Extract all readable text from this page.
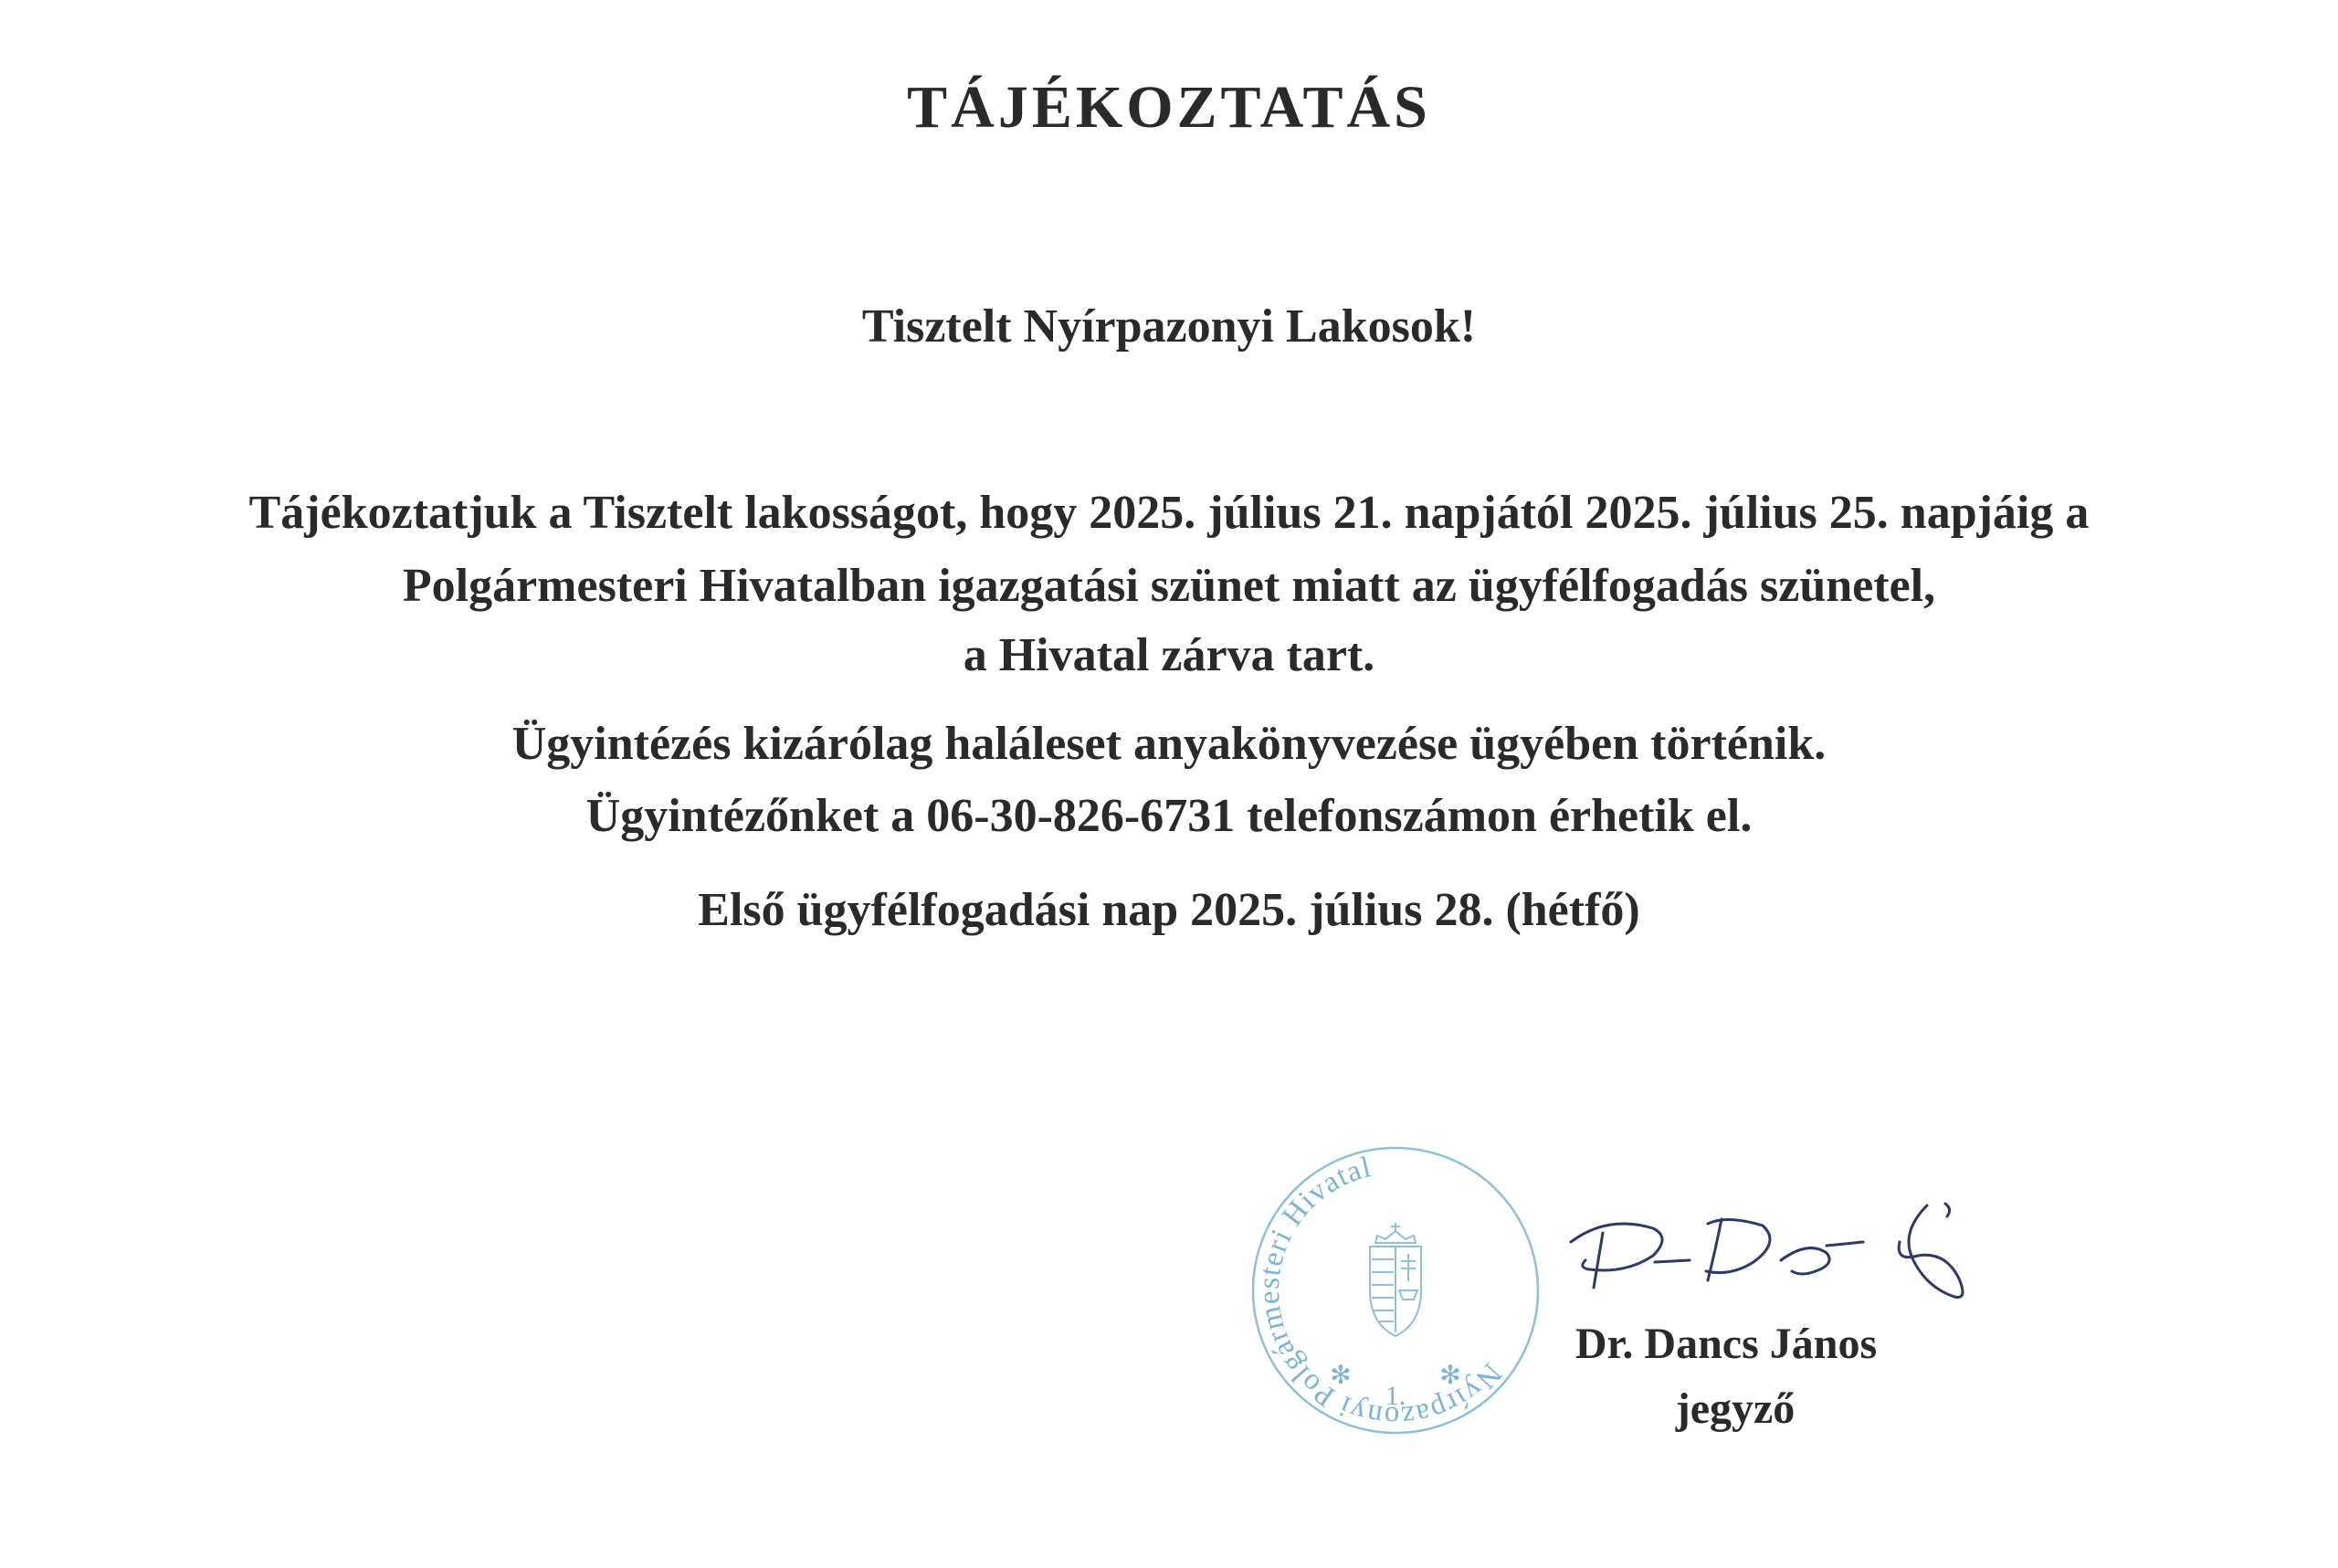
TÁJÉKOZTATÁS

Tisztelt Nyírpazonyi Lakosok!

Tájékoztatjuk a Tisztelt lakosságot, hogy 2025. július 21. napjától 2025. július 25. napjáig a

Polgármesteri Hivatalban igazgatási szünet miatt az ügyfélfogadás szünetel,

a Hivatal zárva tart.

Ügyintézés kizárólag haláleset anyakönyvezése ügyében történik.

Ügyintézőnket a 06-30-826-6731 telefonszámon érhetik el.

Első ügyfélfogadási nap 2025. július 28. (hétfő)

Nyírpazonyi Polgármesteri Hivatal
✻
1.
✻
Dr. Dancs János
jegyző
